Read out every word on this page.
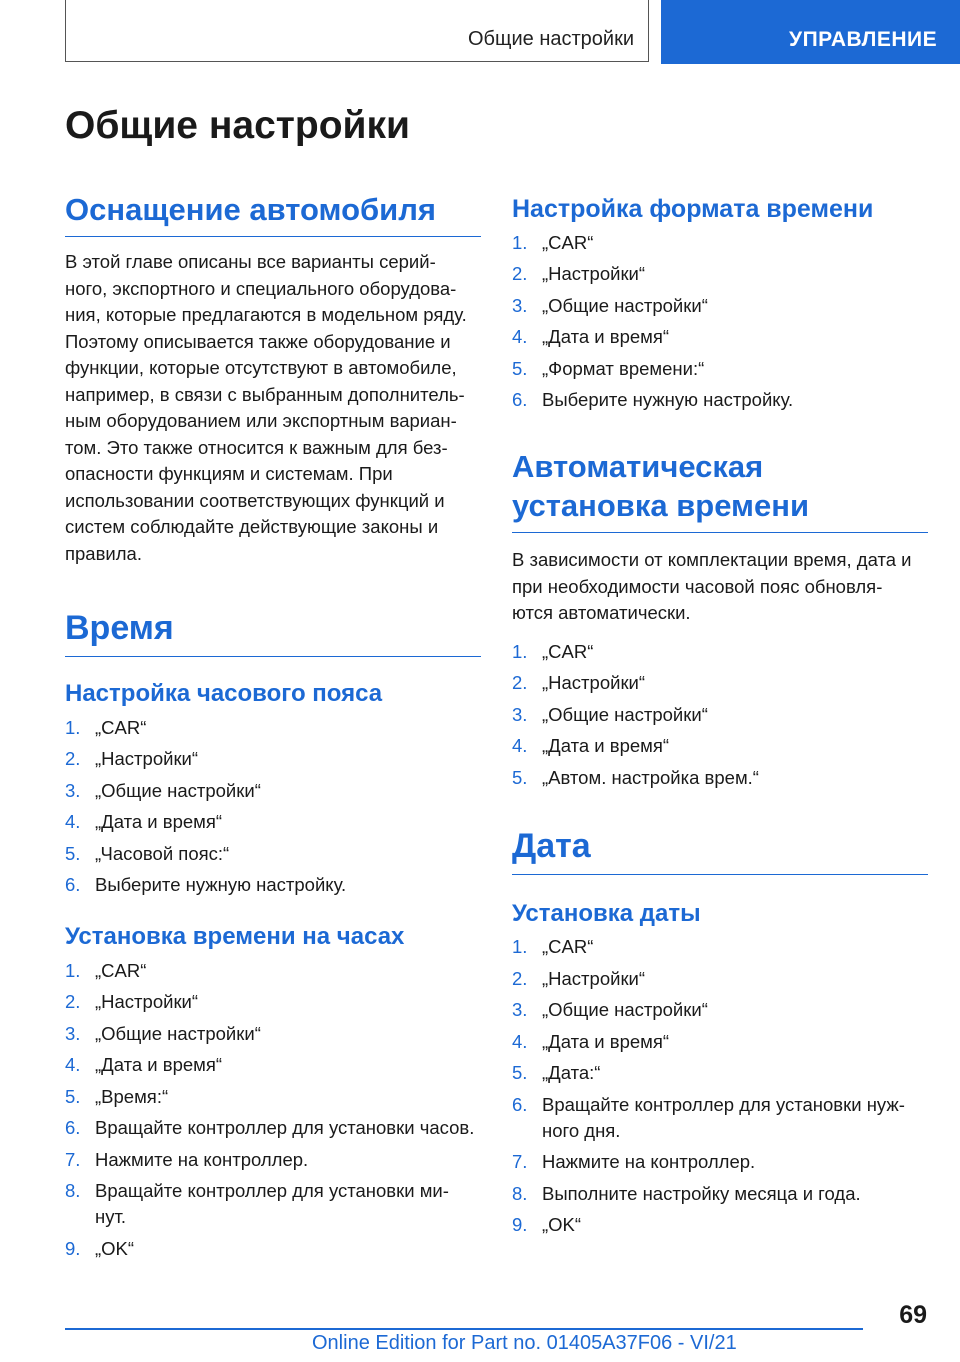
Общие настройки	УПРАВЛЕНИЕ
Общие настройки
Оснащение автомобиля

В этой главе описаны все варианты серий-
ного, экспортного и специального оборудова-
ния, которые предлагаются в модельном ряду.
Поэтому описывается также оборудование и
функции, которые отсутствуют в автомобиле,
например, в связи с выбранным дополнитель-
ным оборудованием или экспортным вариан-
том. Это также относится к важным для без-
опасности функциям и системам. При
использовании соответствующих функций и
систем соблюдайте действующие законы и
правила.

Время
Настройка часового пояса
1. „CAR“
2. „Настройки“
3. „Общие настройки“
4. „Дата и время“
5. „Часовой пояс:“
6. Выберите нужную настройку.
Установка времени на часах
1. „CAR“
2. „Настройки“
3. „Общие настройки“
4. „Дата и время“
5. „Время:“
6. Вращайте контроллер для установки часов.
7. Нажмите на контроллер.
8. Вращайте контроллер для установки ми-
нут.
9. „OK“
Настройка формата времени
1. „CAR“
2. „Настройки“
3. „Общие настройки“
4. „Дата и время“
5. „Формат времени:“
6. Выберите нужную настройку.
Автоматическая
установка времени

В зависимости от комплектации время, дата и
при необходимости часовой пояс обновля-
ются автоматически.

1. „CAR“
2. „Настройки“
3. „Общие настройки“
4. „Дата и время“
5. „Автом. настройка врем.“
Дата
Установка даты
1. „CAR“
2. „Настройки“
3. „Общие настройки“
4. „Дата и время“
5. „Дата:“
6. Вращайте контроллер для установки нуж-
ного дня.
7. Нажмите на контроллер.
8. Выполните настройку месяца и года.
9. „OK“
69
Online Edition for Part no. 01405A37F06 - VI/21
